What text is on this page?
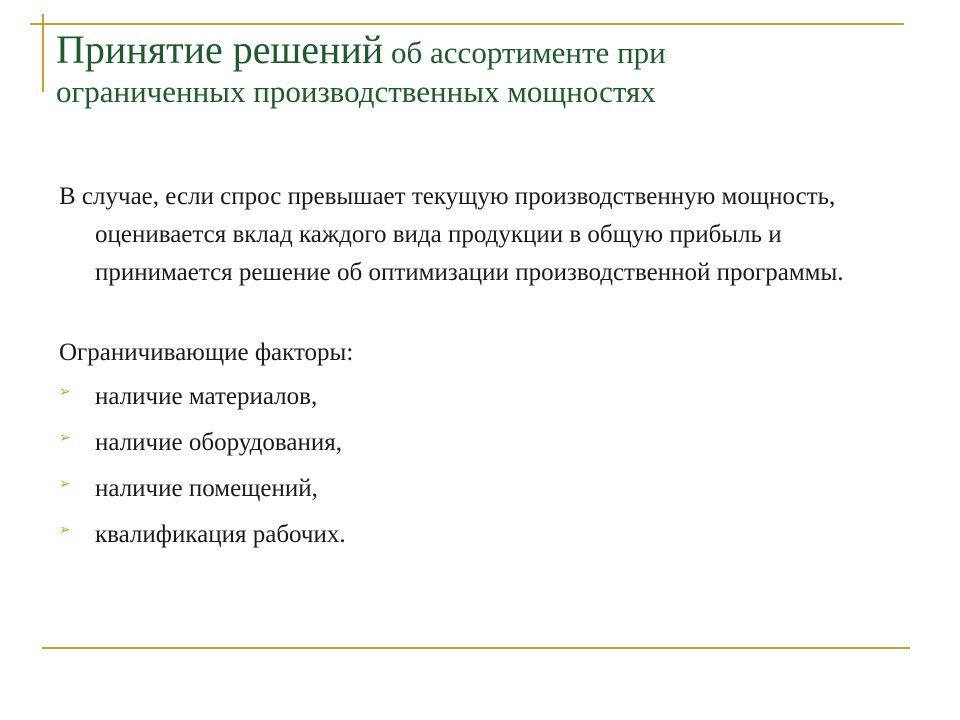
Принятие решений об ассортименте при
ограниченных производственных мощностях

В случае, если спрос превышает текущую производственную мощность, оценивается вклад каждого вида продукции в общую прибыль и принимается решение об оптимизации производственной программы.

Ограничивающие факторы:

➢ наличие материалов,
➢ наличие оборудования,
➢ наличие помещений,
➢ квалификация рабочих.
